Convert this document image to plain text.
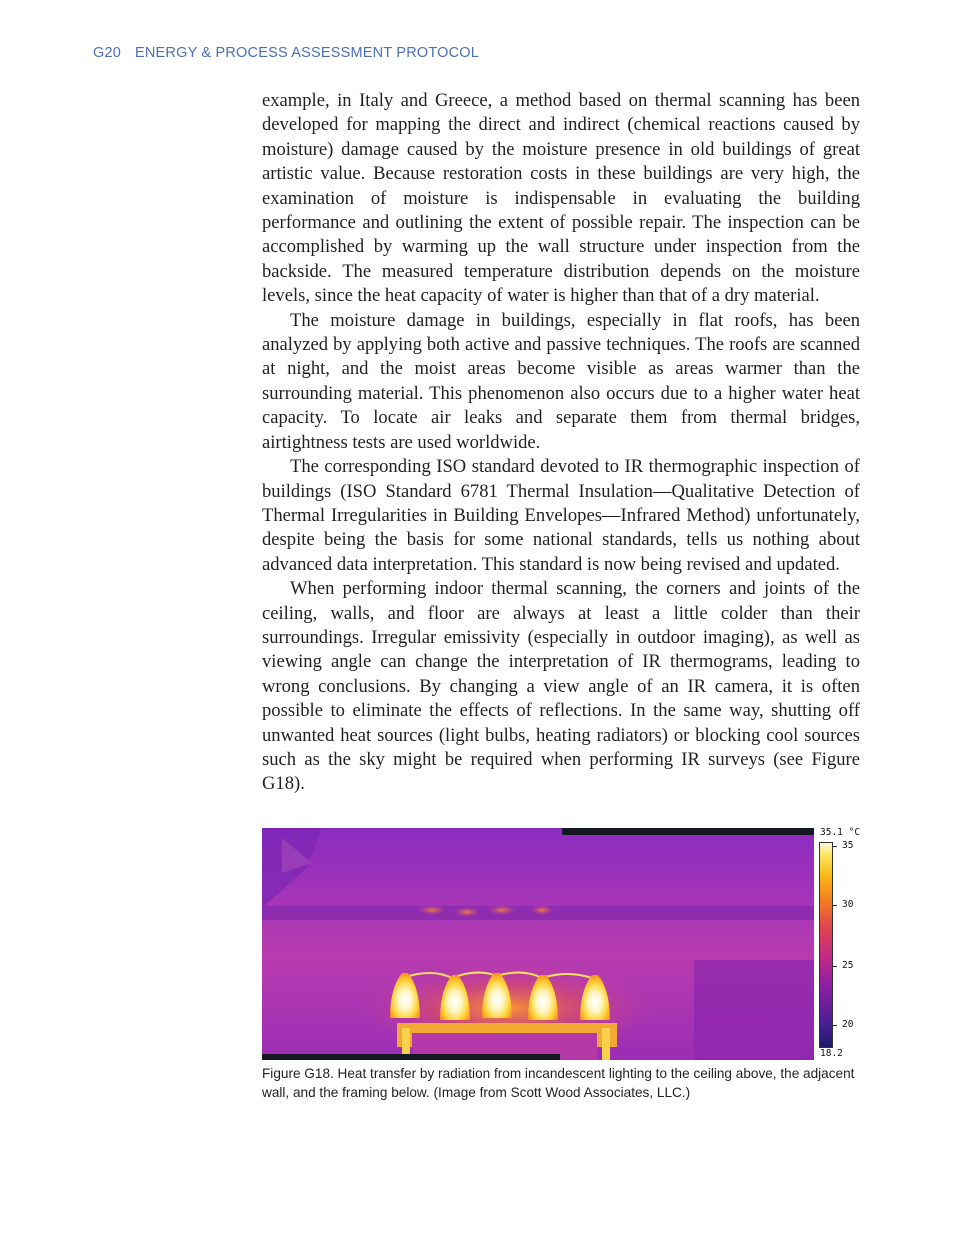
G20 ENERGY & PROCESS ASSESSMENT PROTOCOL

example, in Italy and Greece, a method based on thermal scanning has been developed for mapping the direct and indirect (chemical reactions caused by moisture) damage caused by the moisture presence in old buildings of great artistic value. Because restoration costs in these buildings are very high, the examination of moisture is indispensable in evaluating the building performance and outlining the extent of possible repair. The inspection can be accomplished by warming up the wall structure under inspection from the backside. The measured temperature distribution depends on the moisture levels, since the heat capacity of water is higher than that of a dry material.

The moisture damage in buildings, especially in flat roofs, has been analyzed by applying both active and passive techniques. The roofs are scanned at night, and the moist areas become visible as areas warmer than the surrounding material. This phenomenon also occurs due to a higher water heat capacity. To locate air leaks and separate them from thermal bridges, airtightness tests are used worldwide.

The corresponding ISO standard devoted to IR thermographic inspection of buildings (ISO Standard 6781 Thermal Insulation—Qualitative Detection of Thermal Irregularities in Building Envelopes—Infrared Method) unfortunately, despite being the basis for some national standards, tells us nothing about advanced data interpretation. This standard is now being revised and updated.

When performing indoor thermal scanning, the corners and joints of the ceiling, walls, and floor are always at least a little colder than their surroundings. Irregular emissivity (especially in outdoor imaging), as well as viewing angle can change the interpretation of IR thermograms, leading to wrong conclusions. By changing a view angle of an IR camera, it is often possible to eliminate the effects of reflections. In the same way, shutting off unwanted heat sources (light bulbs, heating radiators) or blocking cool sources such as the sky might be required when performing IR surveys (see Figure G18).

35.1 °C
35
30
25
20
18.2
Figure G18. Heat transfer by radiation from incandescent lighting to the ceiling above, the adjacent wall, and the framing below. (Image from Scott Wood Associates, LLC.)
